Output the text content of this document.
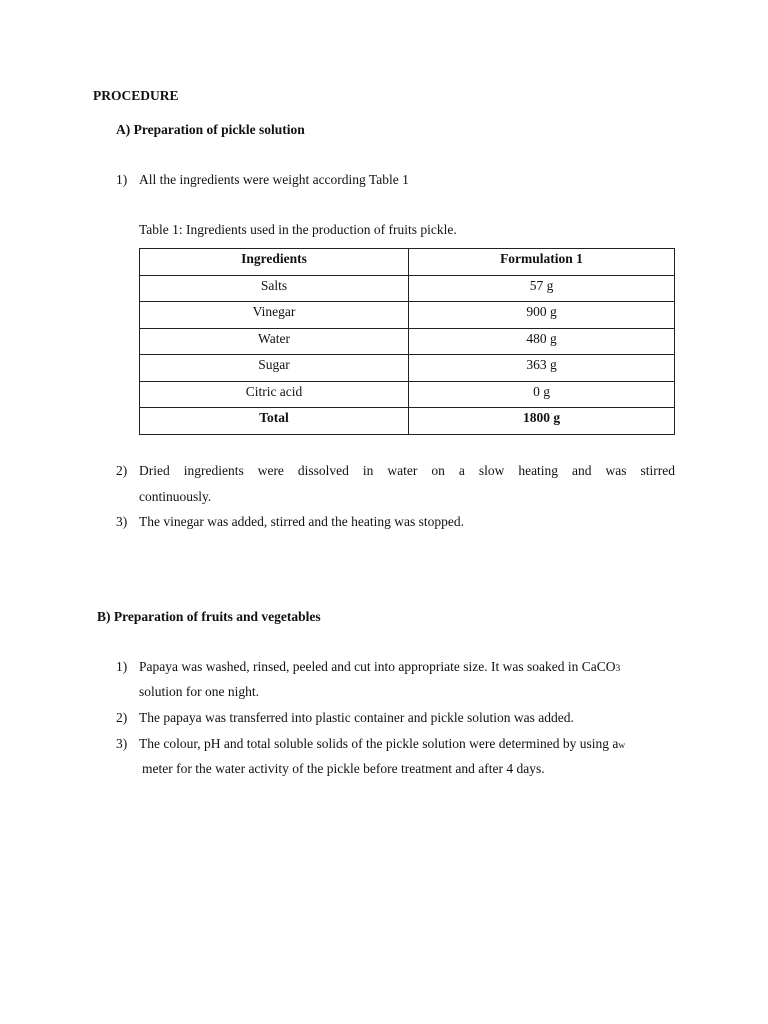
PROCEDURE
A) Preparation of pickle solution
1) All the ingredients were weight according Table 1
Table 1: Ingredients used in the production of fruits pickle.
Ingredients	Formulation 1
Salts	57 g
Vinegar	900 g
Water	480 g
Sugar	363 g
Citric acid	0 g
Total	1800 g
2) Dried ingredients were dissolved in water on a slow heating and was stirred
continuously.
3) The vinegar was added, stirred and the heating was stopped.
B) Preparation of fruits and vegetables
1) Papaya was washed, rinsed, peeled and cut into appropriate size. It was soaked in CaCO3
solution for one night.
2) The papaya was transferred into plastic container and pickle solution was added.
3) The colour, pH and total soluble solids of the pickle solution were determined by using aw
meter for the water activity of the pickle before treatment and after 4 days.
